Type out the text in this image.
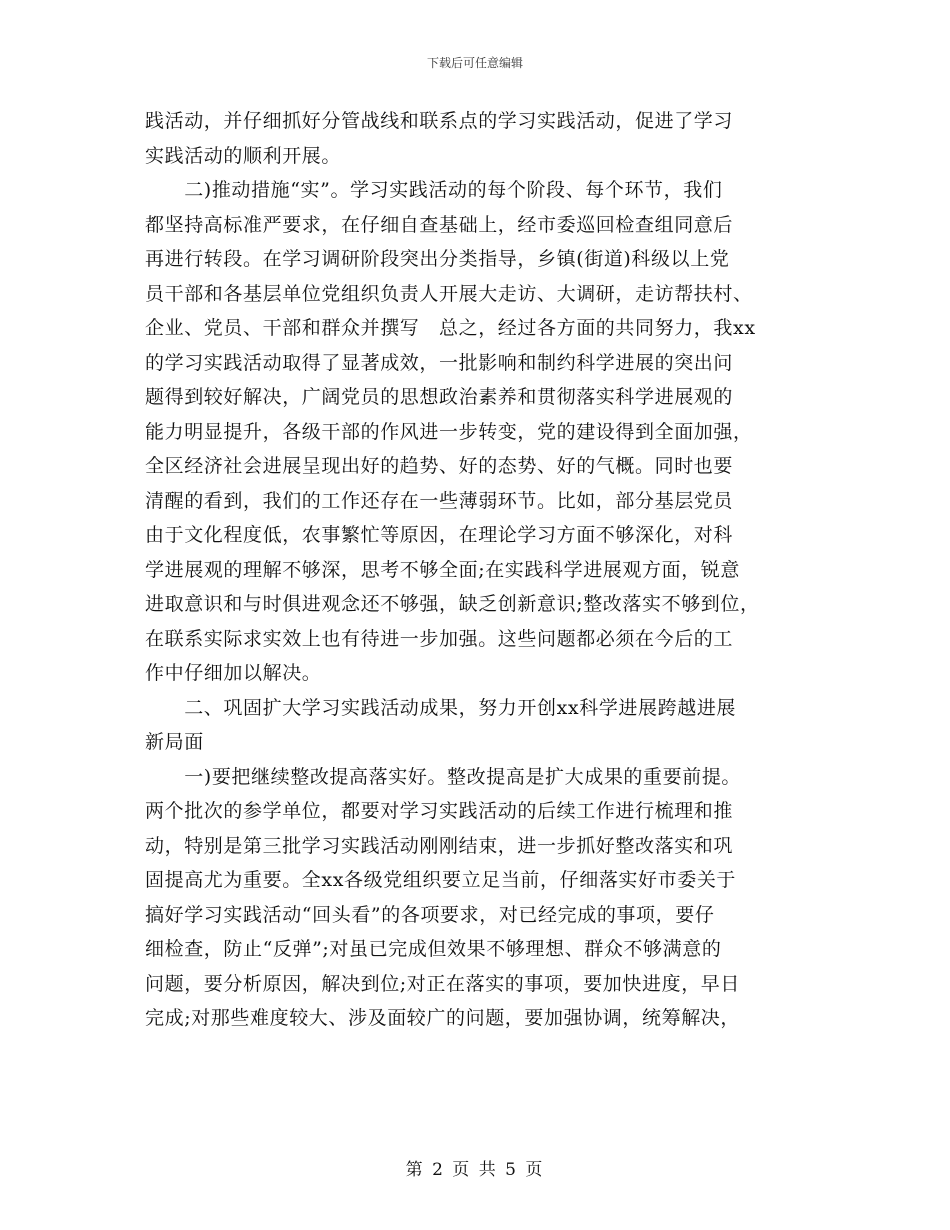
下载后可任意编辑
践活动，并仔细抓好分管战线和联系点的学习实践活动，促进了学习
实践活动的顺利开展。
　　二)推动措施“实”。学习实践活动的每个阶段、每个环节，我们
都坚持高标准严要求，在仔细自查基础上，经市委巡回检查组同意后
再进行转段。在学习调研阶段突出分类指导，乡镇(街道)科级以上党
员干部和各基层单位党组织负责人开展大走访、大调研，走访帮扶村、
企业、党员、干部和群众并撰写　总之，经过各方面的共同努力，我xx
的学习实践活动取得了显著成效，一批影响和制约科学进展的突出问
题得到较好解决，广阔党员的思想政治素养和贯彻落实科学进展观的
能力明显提升，各级干部的作风进一步转变，党的建设得到全面加强，
全区经济社会进展呈现出好的趋势、好的态势、好的气概。同时也要
清醒的看到，我们的工作还存在一些薄弱环节。比如，部分基层党员
由于文化程度低，农事繁忙等原因，在理论学习方面不够深化，对科
学进展观的理解不够深，思考不够全面;在实践科学进展观方面，锐意
进取意识和与时俱进观念还不够强，缺乏创新意识;整改落实不够到位，
在联系实际求实效上也有待进一步加强。这些问题都必须在今后的工
作中仔细加以解决。
　　二、巩固扩大学习实践活动成果，努力开创xx科学进展跨越进展
新局面
　　一)要把继续整改提高落实好。整改提高是扩大成果的重要前提。
两个批次的参学单位，都要对学习实践活动的后续工作进行梳理和推
动，特别是第三批学习实践活动刚刚结束，进一步抓好整改落实和巩
固提高尤为重要。全xx各级党组织要立足当前，仔细落实好市委关于
搞好学习实践活动“回头看”的各项要求，对已经完成的事项，要仔
细检查，防止“反弹”;对虽已完成但效果不够理想、群众不够满意的
问题，要分析原因，解决到位;对正在落实的事项，要加快进度，早日
完成;对那些难度较大、涉及面较广的问题，要加强协调，统筹解决，
第 2 页 共 5 页
